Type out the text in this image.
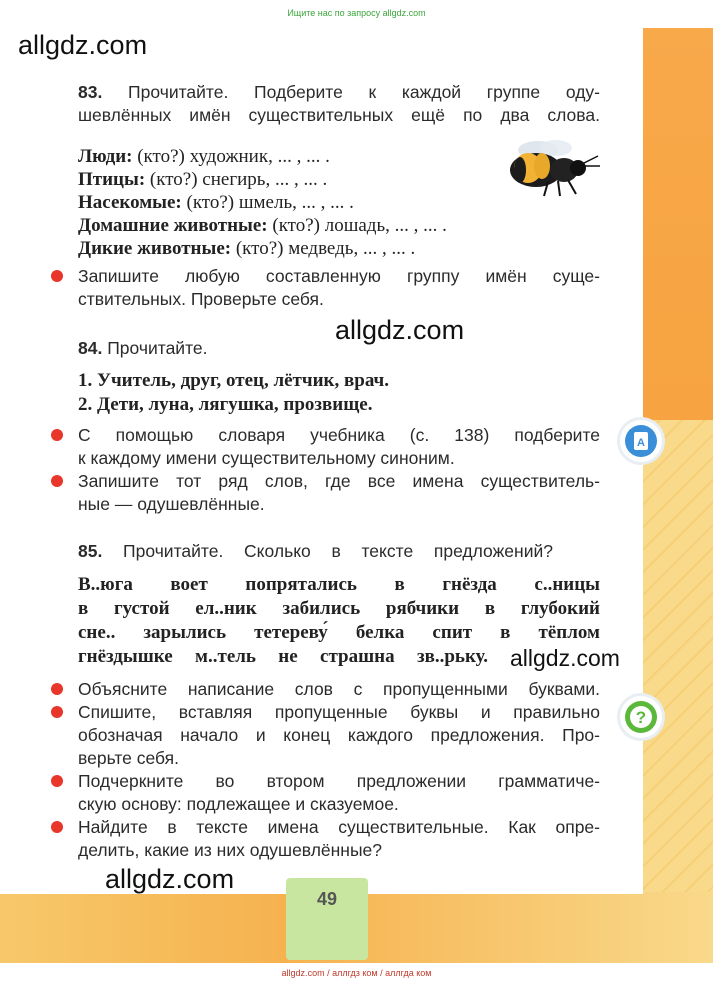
Ищите нас по запросу allgdz.com
allgdz.com
allgdz.com
allgdz.com
allgdz.com
83. Прочитайте. Подберите к каждой группе оду-
шевлённых имён существительных ещё по два слова.
Люди: (кто?) художник, ... , ... .
Птицы: (кто?) снегирь, ... , ... .
Насекомые: (кто?) шмель, ... , ... .
Домашние животные: (кто?) лошадь, ... , ... .
Дикие животные: (кто?) медведь, ... , ... .
Запишите любую составленную группу имён суще-
ствительных. Проверьте себя.
84. Прочитайте.
1. Учитель, друг, отец, лётчик, врач.
2. Дети, луна, лягушка, прозвище.
С помощью словаря учебника (с. 138) подберите
к каждому имени существительному синоним.
Запишите тот ряд слов, где все имена существитель-
ные — одушевлённые.
А
85. Прочитайте. Сколько в тексте предложений?
В..юга воет попрятались в гнёзда с..ницы
в густой ел..ник забились рябчики в глубокий
сне.. зарылись тетереву́ белка спит в тёплом
гнёздышке м..тель не страшна зв..рьку.
Объясните написание слов с пропущенными буквами.
Спишите, вставляя пропущенные буквы и правильно
обозначая начало и конец каждого предложения. Про-
верьте себя.
Подчеркните во втором предложении грамматиче-
скую основу: подлежащее и сказуемое.
Найдите в тексте имена существительные. Как опре-
делить, какие из них одушевлённые?
?
49
allgdz.com / аллгдз ком / аллгда ком
